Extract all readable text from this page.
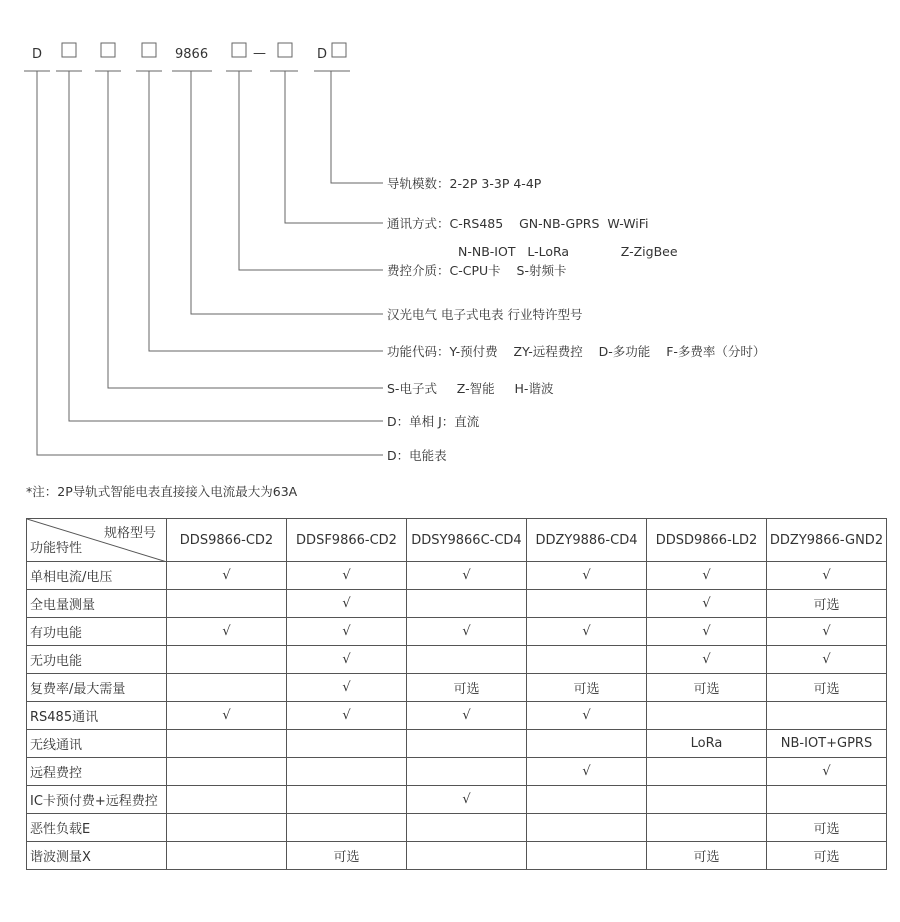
D	9866	—	D
导轨模数：2-2P 3-3P 4-4P
通讯方式：C-RS485    GN-NB-GPRS  W-WiFi
N-NB-IOT   L-LoRa             Z-ZigBee
费控介质：C-CPU卡    S-射频卡
汉光电气 电子式电表 行业特许型号
功能代码：Y-预付费    ZY-远程费控    D-多功能    F-多费率（分时）
S-电子式     Z-智能     H-谐波
D：单相 J：直流
D：电能表
*注：2P导轨式智能电表直接接入电流最大为63A
规格型号
功能特性	DDS9866-CD2	DDSF9866-CD2	DDSY9866C-CD4	DDZY9886-CD4	DDSD9866-LD2	DDZY9866-GND2
单相电流/电压	√	√	√	√	√	√
全电量测量		√			√	可选
有功电能	√	√	√	√	√	√
无功电能		√			√	√
复费率/最大需量		√	可选	可选	可选	可选
RS485通讯	√	√	√	√		
无线通讯					LoRa	NB-IOT+GPRS
远程费控				√		√
IC卡预付费+远程费控			√			
恶性负载E						可选
谐波测量X		可选			可选	可选
